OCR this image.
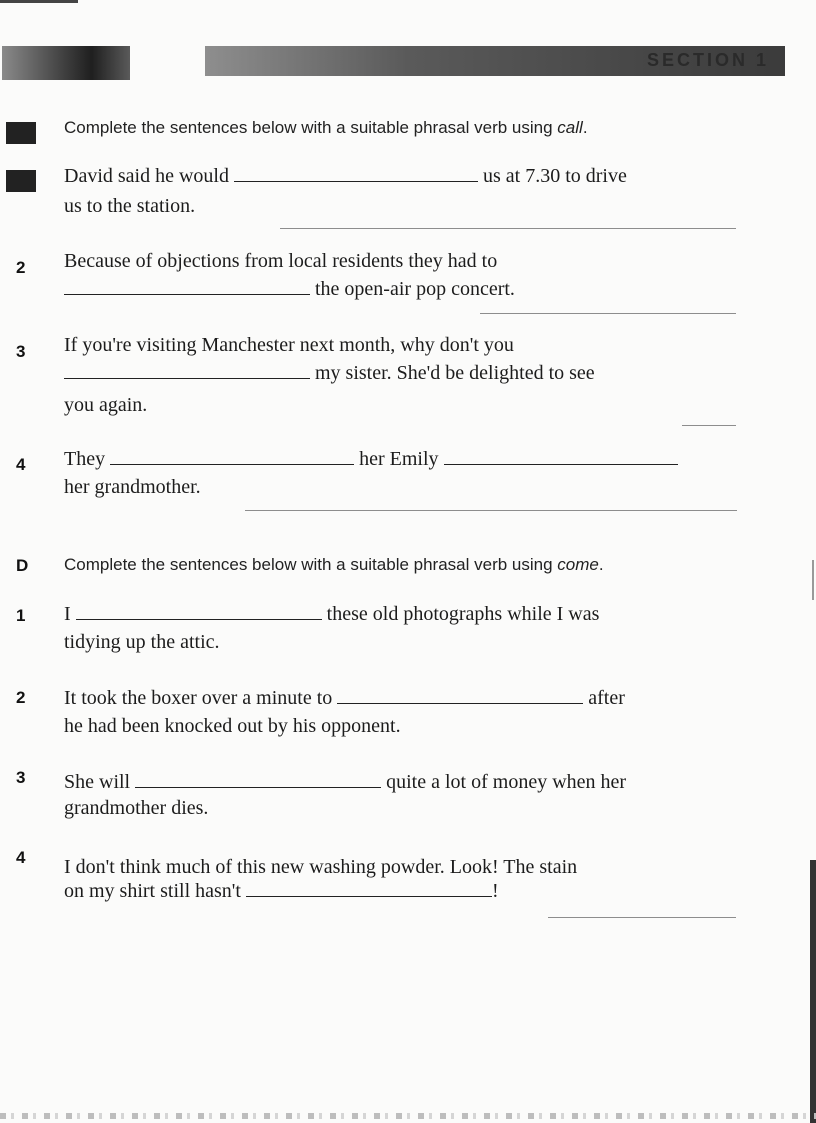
SECTION 1
Complete the sentences below with a suitable phrasal verb using call.
David said he would	us at 7.30 to drive
us to the station.
2 Because of objections from local residents they had to
the open-air pop concert.
3 If you're visiting Manchester next month, why don't you
my sister. She'd be delighted to see
you again.
4 They	her Emily
her grandmother.
D Complete the sentences below with a suitable phrasal verb using come.
1 I	these old photographs while I was
tidying up the attic.
2 It took the boxer over a minute to	after
he had been knocked out by his opponent.
3 She will	quite a lot of money when her
grandmother dies.
4 I don't think much of this new washing powder. Look! The stain
on my shirt still hasn't	!
